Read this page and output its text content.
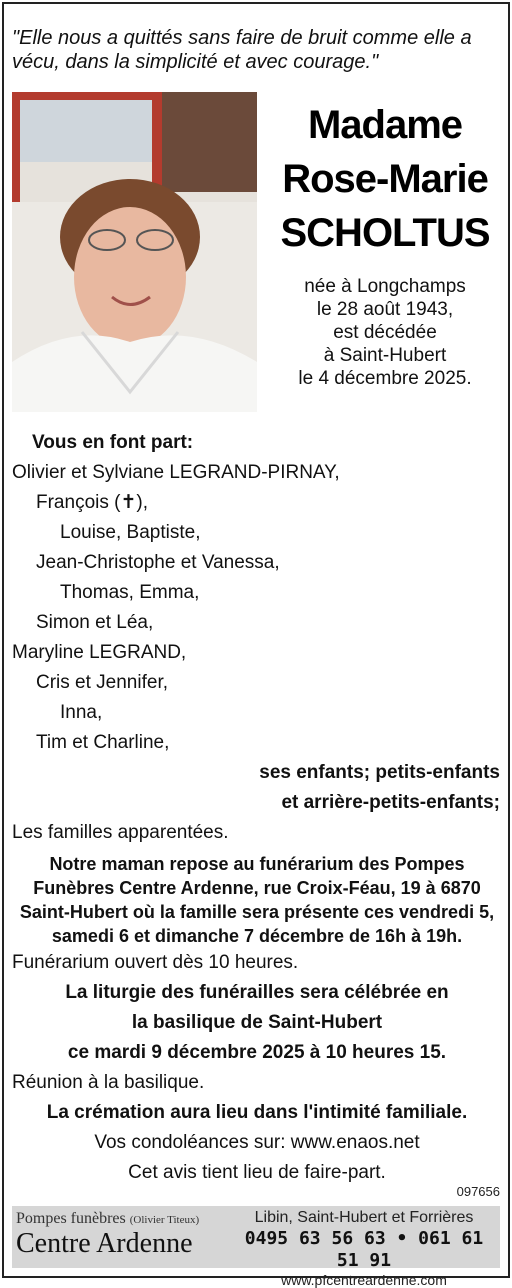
"Elle nous a quittés sans faire de bruit comme elle a vécu, dans la simplicité et avec courage."
Madame
Rose-Marie
SCHOLTUS
née à Longchamps
le 28 août 1943,
est décédée
à Saint-Hubert
le 4 décembre 2025.
Vous en font part:
Olivier et Sylviane LEGRAND-PIRNAY,
François (✝),
Louise, Baptiste,
Jean-Christophe et Vanessa,
Thomas, Emma,
Simon et Léa,
Maryline LEGRAND,
Cris et Jennifer,
Inna,
Tim et Charline,
ses enfants; petits-enfants
et arrière-petits-enfants;
Les familles apparentées.
Notre maman repose au funérarium des Pompes Funèbres Centre Ardenne, rue Croix-Féau, 19 à 6870 Saint-Hubert où la famille sera présente ces vendredi 5, samedi 6 et dimanche 7 décembre de 16h à 19h.
Funérarium ouvert dès 10 heures.
La liturgie des funérailles sera célébrée en
la basilique de Saint-Hubert
ce mardi 9 décembre 2025 à 10 heures 15.
Réunion à la basilique.
La crémation aura lieu dans l'intimité familiale.
Vos condoléances sur: www.enaos.net
Cet avis tient lieu de faire-part.
097656
Pompes funèbres (Olivier Titeux)
Centre Ardenne
Libin, Saint-Hubert et Forrières
0495 63 56 63 • 061 61 51 91
www.pfcentreardenne.com
